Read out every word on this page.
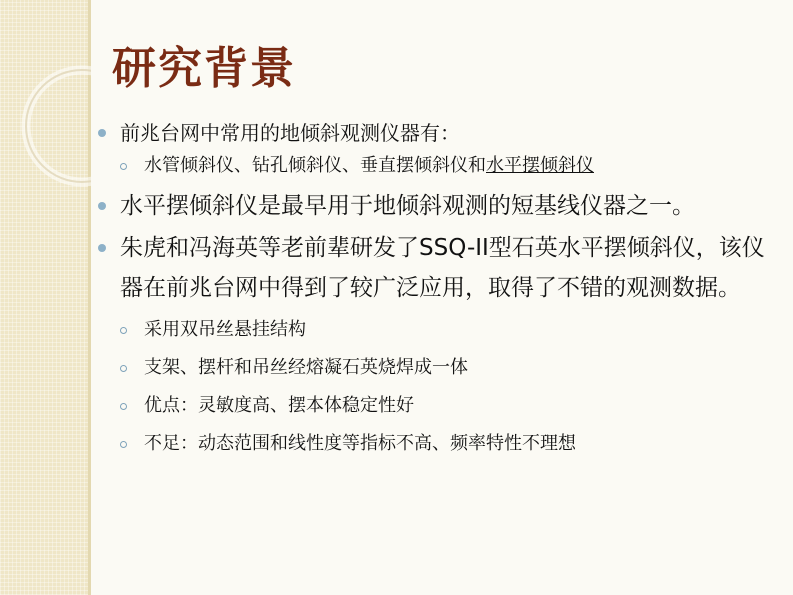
研究背景
前兆台网中常用的地倾斜观测仪器有：
水管倾斜仪、钻孔倾斜仪、垂直摆倾斜仪和水平摆倾斜仪
水平摆倾斜仪是最早用于地倾斜观测的短基线仪器之一。
朱虎和冯海英等老前辈研发了SSQ-II型石英水平摆倾斜仪，该仪器在前兆台网中得到了较广泛应用，取得了不错的观测数据。
采用双吊丝悬挂结构
支架、摆杆和吊丝经熔凝石英烧焊成一体
优点：灵敏度高、摆本体稳定性好
不足：动态范围和线性度等指标不高、频率特性不理想
